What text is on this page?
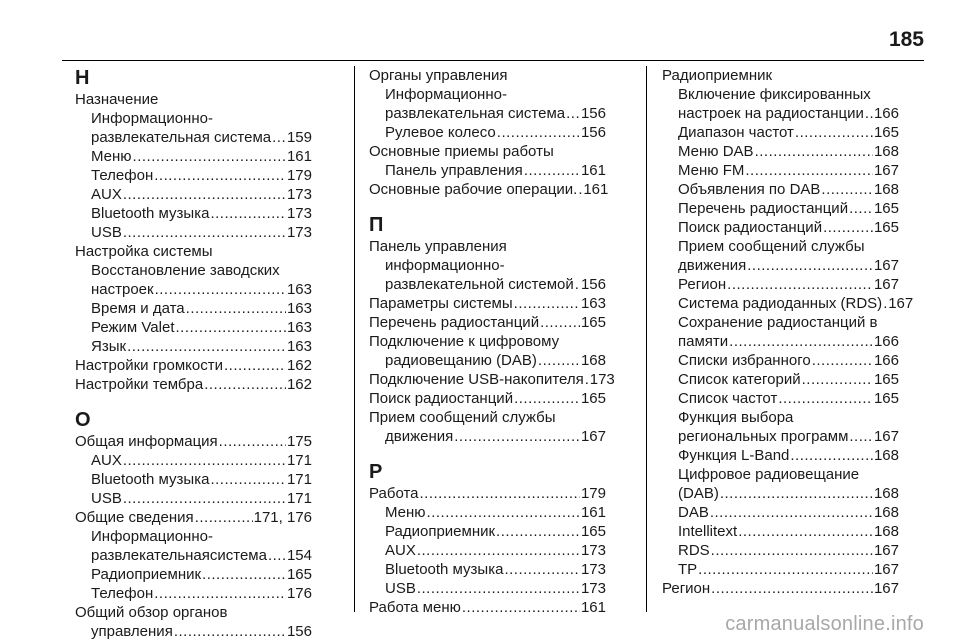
185
Н
Назначение
Информационно-
развлекательная система ..... 159
Меню .....	161
Телефон .....	179
AUX .....	173
Bluetooth музыка .....	173
USB .....	173
Настройка системы
Восстановление заводских
настроек .....	163
Время и дата .....	163
Режим Valet .....	163
Язык .....	163
Настройки громкости .....	162
Настройки тембра .....	162
О
Общая информация .....	175
AUX .....	171
Bluetooth музыка .....	171
USB .....	171
Общие сведения .....	171, 176
Информационно-
развлекательнаясистема ..... 154
Радиоприемник .....	165
Телефон .....	176
Общий обзор органов
управления .....	156
Органы управления
Информационно-
развлекательная система ..... 156
Рулевое колесо .....	156
Основные приемы работы
Панель управления .....	161
Основные рабочие операции. ..... 161
П
Панель управления
информационно-
развлекательной системой ..... 156
Параметры системы .....	163
Перечень радиостанций .....	165
Подключение к цифровому
радиовещанию (DAB) .....	168
Подключение USB-накопителя ..... 173
Поиск радиостанций .....	165
Прием сообщений службы
движения .....	167
Р
Работа .....	179
Меню .....	161
Радиоприемник .....	165
AUX .....	173
Bluetooth музыка .....	173
USB .....	173
Работа меню .....	161
Радиоприемник
Включение фиксированных
настроек на радиостанции ..... 166
Диапазон частот .....	165
Меню DAB .....	168
Меню FM .....	167
Объявления по DAB .....	168
Перечень радиостанций ..... 165
Поиск радиостанций .....	165
Прием сообщений службы
движения .....	167
Регион .....	167
Система радиоданных (RDS) ..... 167
Сохранение радиостанций в
памяти .....	166
Списки избранного .....	166
Список категорий .....	165
Список частот .....	165
Функция выбора
региональных программ ..... 167
Функция L-Band .....	168
Цифровое радиовещание
(DAB) .....	168
DAB .....	168
Intellitext .....	168
RDS .....	167
TP .....	167
Регион .....	167
carmanualsonline.info
